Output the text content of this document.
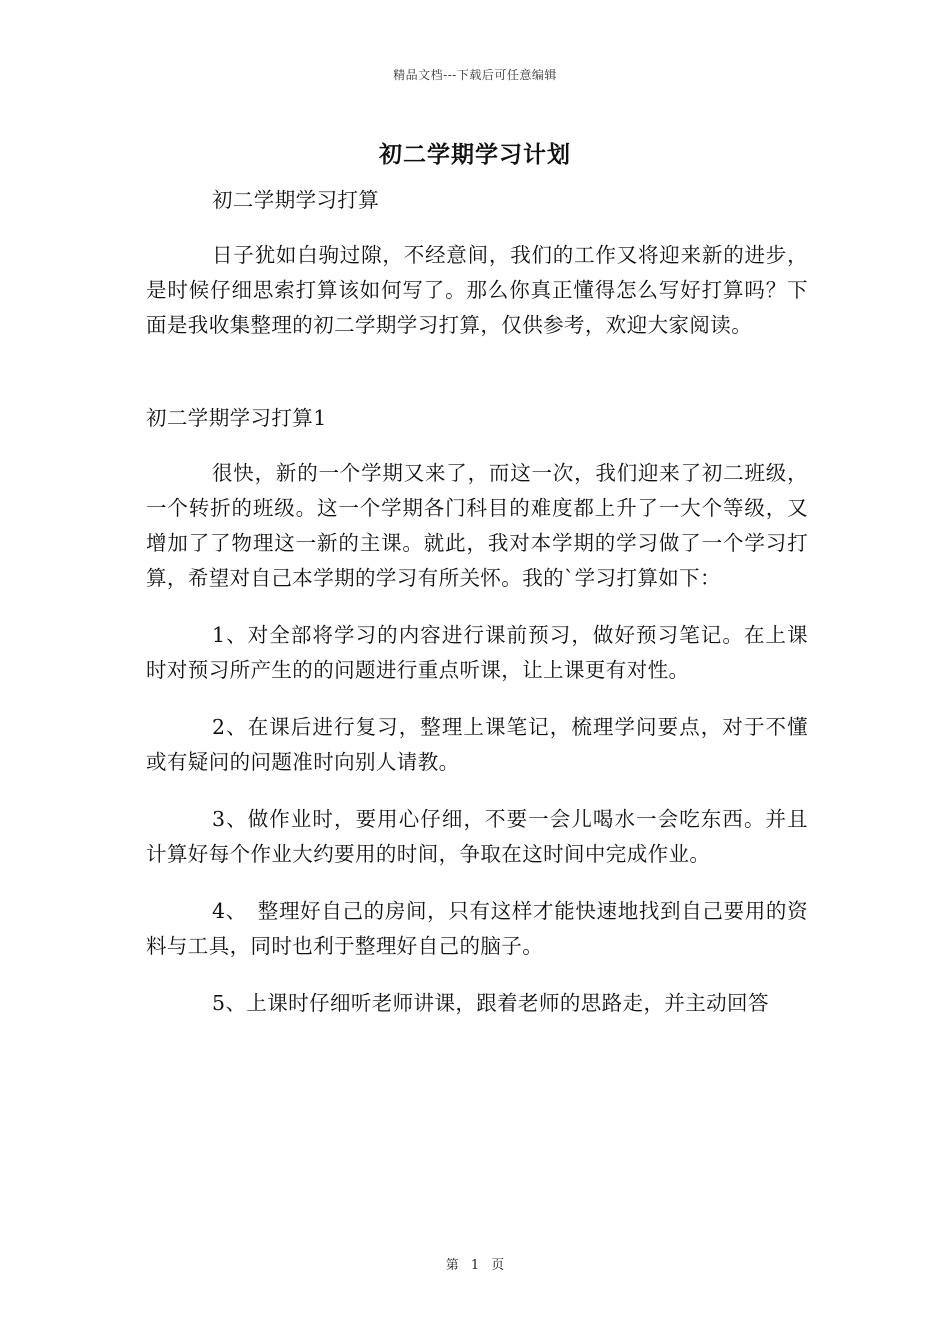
精品文档---下载后可任意编辑
初二学期学习计划

初二学期学习打算

日子犹如白驹过隙，不经意间，我们的工作又将迎来新的进步，是时候仔细思索打算该如何写了。那么你真正懂得怎么写好打算吗？下面是我收集整理的初二学期学习打算，仅供参考，欢迎大家阅读。

初二学期学习打算1

很快，新的一个学期又来了，而这一次，我们迎来了初二班级，一个转折的班级。这一个学期各门科目的难度都上升了一大个等级，又增加了了物理这一新的主课。就此，我对本学期的学习做了一个学习打算，希望对自己本学期的学习有所关怀。我的`学习打算如下：

1、对全部将学习的内容进行课前预习，做好预习笔记。在上课时对预习所产生的的问题进行重点听课，让上课更有对性。

2、在课后进行复习，整理上课笔记，梳理学问要点，对于不懂或有疑问的问题准时向别人请教。

3、做作业时，要用心仔细，不要一会儿喝水一会吃东西。并且计算好每个作业大约要用的时间，争取在这时间中完成作业。

4、　整理好自己的房间，只有这样才能快速地找到自己要用的资料与工具，同时也利于整理好自己的脑子。

5、上课时仔细听老师讲课，跟着老师的思路走，并主动回答

第 1 页
